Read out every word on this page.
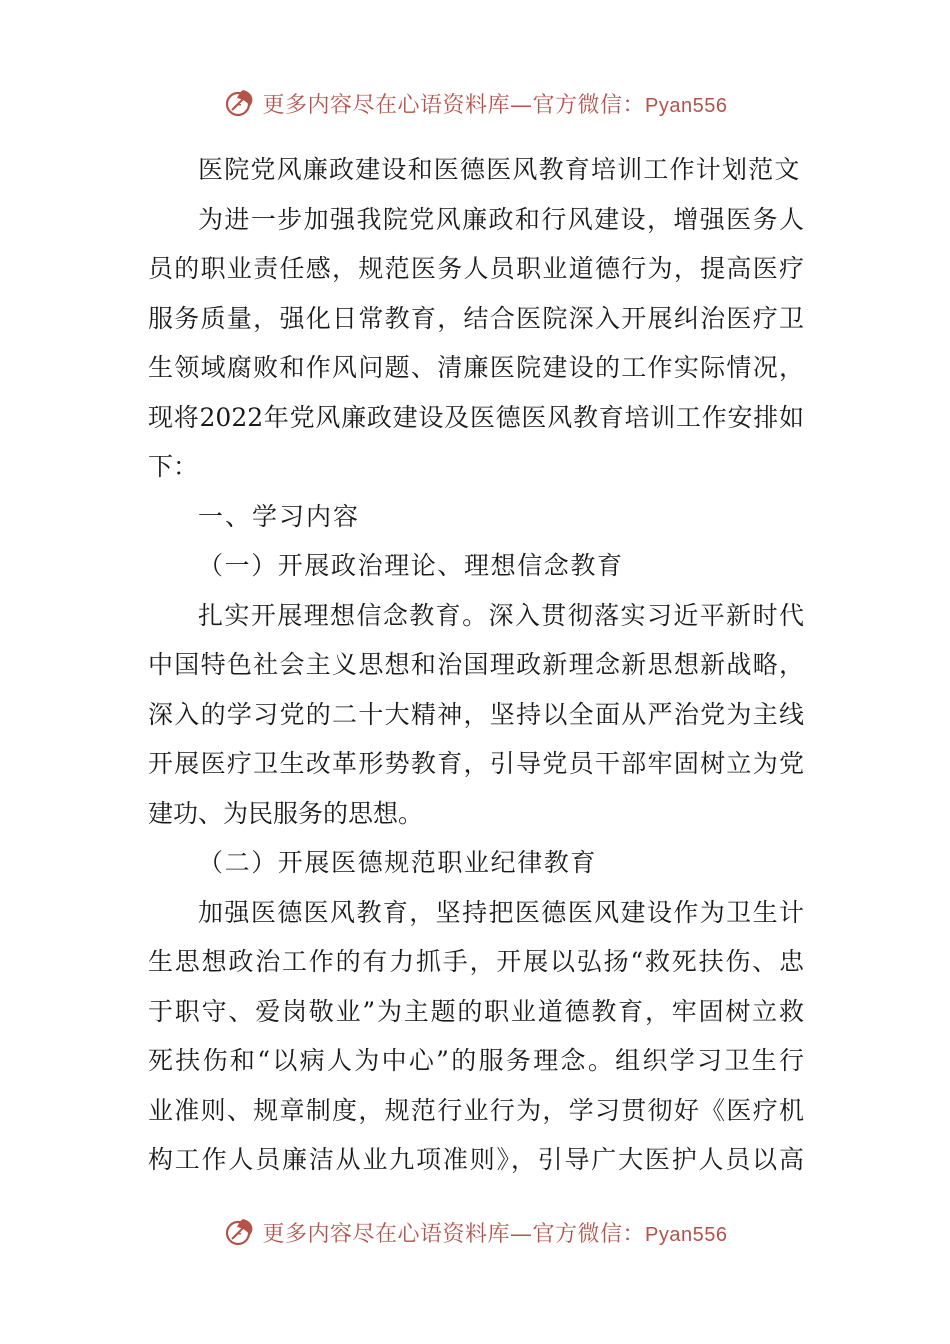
更多内容尽在心语资料库—官方微信：Pyan556
医院党风廉政建设和医德医风教育培训工作计划范文
为进一步加强我院党风廉政和行风建设，增强医务人
员的职业责任感，规范医务人员职业道德行为，提高医疗
服务质量，强化日常教育，结合医院深入开展纠治医疗卫
生领域腐败和作风问题、清廉医院建设的工作实际情况，
现将2022年党风廉政建设及医德医风教育培训工作安排如
下：
一、学习内容
（一）开展政治理论、理想信念教育
扎实开展理想信念教育。深入贯彻落实习近平新时代
中国特色社会主义思想和治国理政新理念新思想新战略，
深入的学习党的二十大精神，坚持以全面从严治党为主线
开展医疗卫生改革形势教育，引导党员干部牢固树立为党
建功、为民服务的思想。
（二）开展医德规范职业纪律教育
加强医德医风教育，坚持把医德医风建设作为卫生计
生思想政治工作的有力抓手，开展以弘扬“救死扶伤、忠
于职守、爱岗敬业”为主题的职业道德教育，牢固树立救
死扶伤和“以病人为中心”的服务理念。组织学习卫生行
业准则、规章制度，规范行业行为，学习贯彻好《医疗机
构工作人员廉洁从业九项准则》，引导广大医护人员以高
更多内容尽在心语资料库—官方微信：Pyan556
